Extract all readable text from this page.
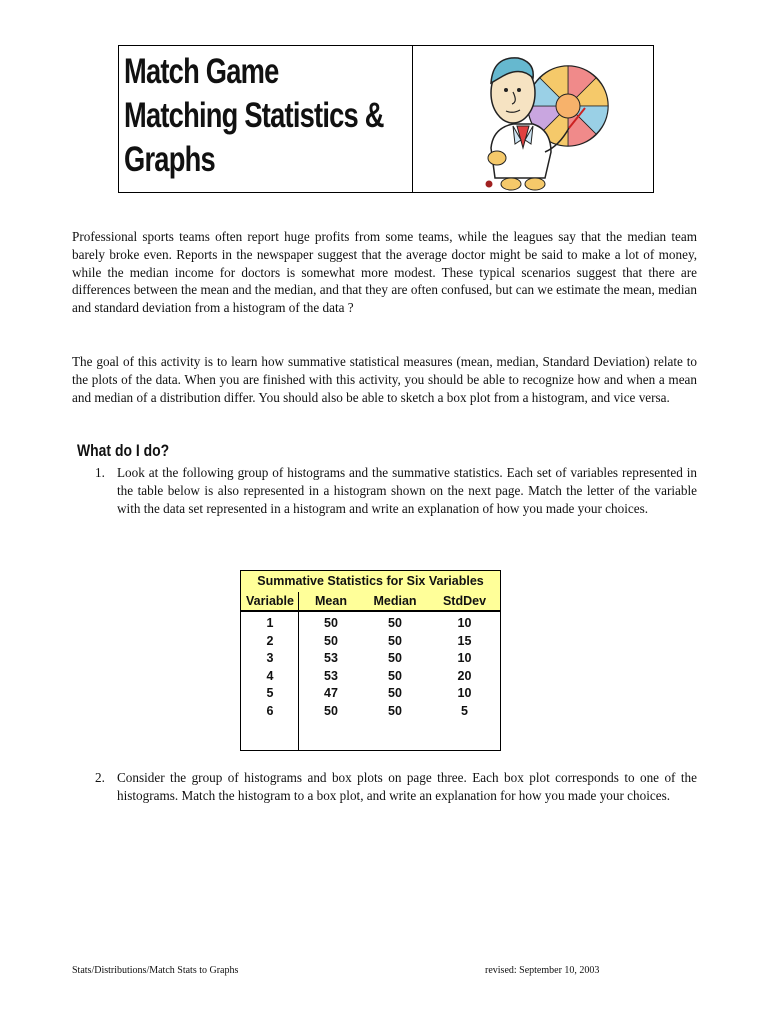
Match Game
Matching Statistics &
Graphs

Professional sports teams often report huge profits from some teams, while the leagues say that the median team barely broke even. Reports in the newspaper suggest that the average doctor might be said to make a lot of money, while the median income for doctors is somewhat more modest. These typical scenarios suggest that there are differences between the mean and the median, and that they are often confused, but can we estimate the mean, median and standard deviation from a histogram of the data ?

The goal of this activity is to learn how summative statistical measures (mean, median, Standard Deviation) relate to the plots of the data. When you are finished with this activity, you should be able to recognize how and when a mean and median of a distribution differ. You should also be able to sketch a box plot from a histogram, and vice versa.

What do I do?
1. Look at the following group of histograms and the summative statistics. Each set of variables represented in the table below is also represented in a histogram shown on the next page. Match the letter of the variable with the data set represented in a histogram and write an explanation of how you made your choices.
Summative Statistics for Six Variables
Variable	Mean	Median	StdDev
1	50	50	10
2	50	50	15
3	53	50	10
4	53	50	20
5	47	50	10
6	50	50	5
2. Consider the group of histograms and box plots on page three. Each box plot corresponds to one of the histograms. Match the histogram to a box plot, and write an explanation for how you made your choices.
Stats/Distributions/Match Stats to Graphs	revised: September 10, 2003
